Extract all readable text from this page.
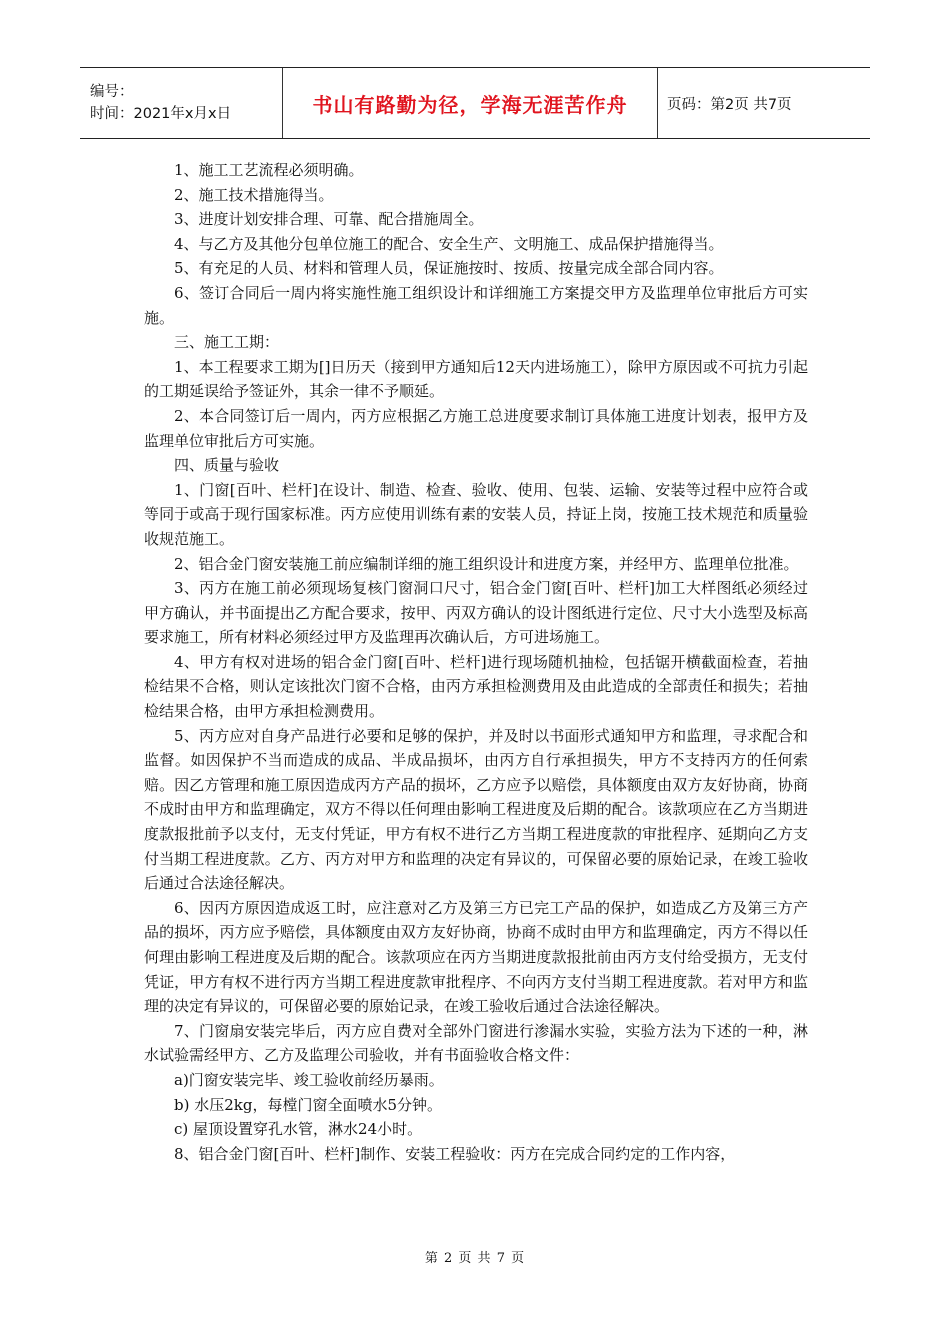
编号：
时间：2021年x月x日	书山有路勤为径，学海无涯苦作舟	页码：第2页 共7页

1、施工工艺流程必须明确。

2、施工技术措施得当。

3、进度计划安排合理、可靠、配合措施周全。

4、与乙方及其他分包单位施工的配合、安全生产、文明施工、成品保护措施得当。

5、有充足的人员、材料和管理人员，保证施按时、按质、按量完成全部合同内容。

6、签订合同后一周内将实施性施工组织设计和详细施工方案提交甲方及监理单位审批后方可实施。

三、施工工期：

1、本工程要求工期为[]日历天（接到甲方通知后12天内进场施工），除甲方原因或不可抗力引起的工期延误给予签证外，其余一律不予顺延。

2、本合同签订后一周内，丙方应根据乙方施工总进度要求制订具体施工进度计划表，报甲方及监理单位审批后方可实施。

四、质量与验收

1、门窗[百叶、栏杆]在设计、制造、检查、验收、使用、包装、运输、安装等过程中应符合或等同于或高于现行国家标准。丙方应使用训练有素的安装人员，持证上岗，按施工技术规范和质量验收规范施工。

2、铝合金门窗安装施工前应编制详细的施工组织设计和进度方案，并经甲方、监理单位批准。

3、丙方在施工前必须现场复核门窗洞口尺寸，铝合金门窗[百叶、栏杆]加工大样图纸必须经过甲方确认，并书面提出乙方配合要求，按甲、丙双方确认的设计图纸进行定位、尺寸大小选型及标高要求施工，所有材料必须经过甲方及监理再次确认后，方可进场施工。

4、甲方有权对进场的铝合金门窗[百叶、栏杆]进行现场随机抽检，包括锯开横截面检查，若抽检结果不合格，则认定该批次门窗不合格，由丙方承担检测费用及由此造成的全部责任和损失；若抽检结果合格，由甲方承担检测费用。

5、丙方应对自身产品进行必要和足够的保护，并及时以书面形式通知甲方和监理，寻求配合和监督。如因保护不当而造成的成品、半成品损坏，由丙方自行承担损失，甲方不支持丙方的任何索赔。因乙方管理和施工原因造成丙方产品的损坏，乙方应予以赔偿，具体额度由双方友好协商，协商不成时由甲方和监理确定，双方不得以任何理由影响工程进度及后期的配合。该款项应在乙方当期进度款报批前予以支付，无支付凭证，甲方有权不进行乙方当期工程进度款的审批程序、延期向乙方支付当期工程进度款。乙方、丙方对甲方和监理的决定有异议的，可保留必要的原始记录，在竣工验收后通过合法途径解决。

6、因丙方原因造成返工时，应注意对乙方及第三方已完工产品的保护，如造成乙方及第三方产品的损坏，丙方应予赔偿，具体额度由双方友好协商，协商不成时由甲方和监理确定，丙方不得以任何理由影响工程进度及后期的配合。该款项应在丙方当期进度款报批前由丙方支付给受损方，无支付凭证，甲方有权不进行丙方当期工程进度款审批程序、不向丙方支付当期工程进度款。若对甲方和监理的决定有异议的，可保留必要的原始记录，在竣工验收后通过合法途径解决。

7、门窗扇安装完毕后，丙方应自费对全部外门窗进行渗漏水实验，实验方法为下述的一种，淋水试验需经甲方、乙方及监理公司验收，并有书面验收合格文件：

a)门窗安装完毕、竣工验收前经历暴雨。

b) 水压2kg，每樘门窗全面喷水5分钟。

c) 屋顶设置穿孔水管，淋水24小时。

8、铝合金门窗[百叶、栏杆]制作、安装工程验收：丙方在完成合同约定的工作内容，

第 2 页 共 7 页
